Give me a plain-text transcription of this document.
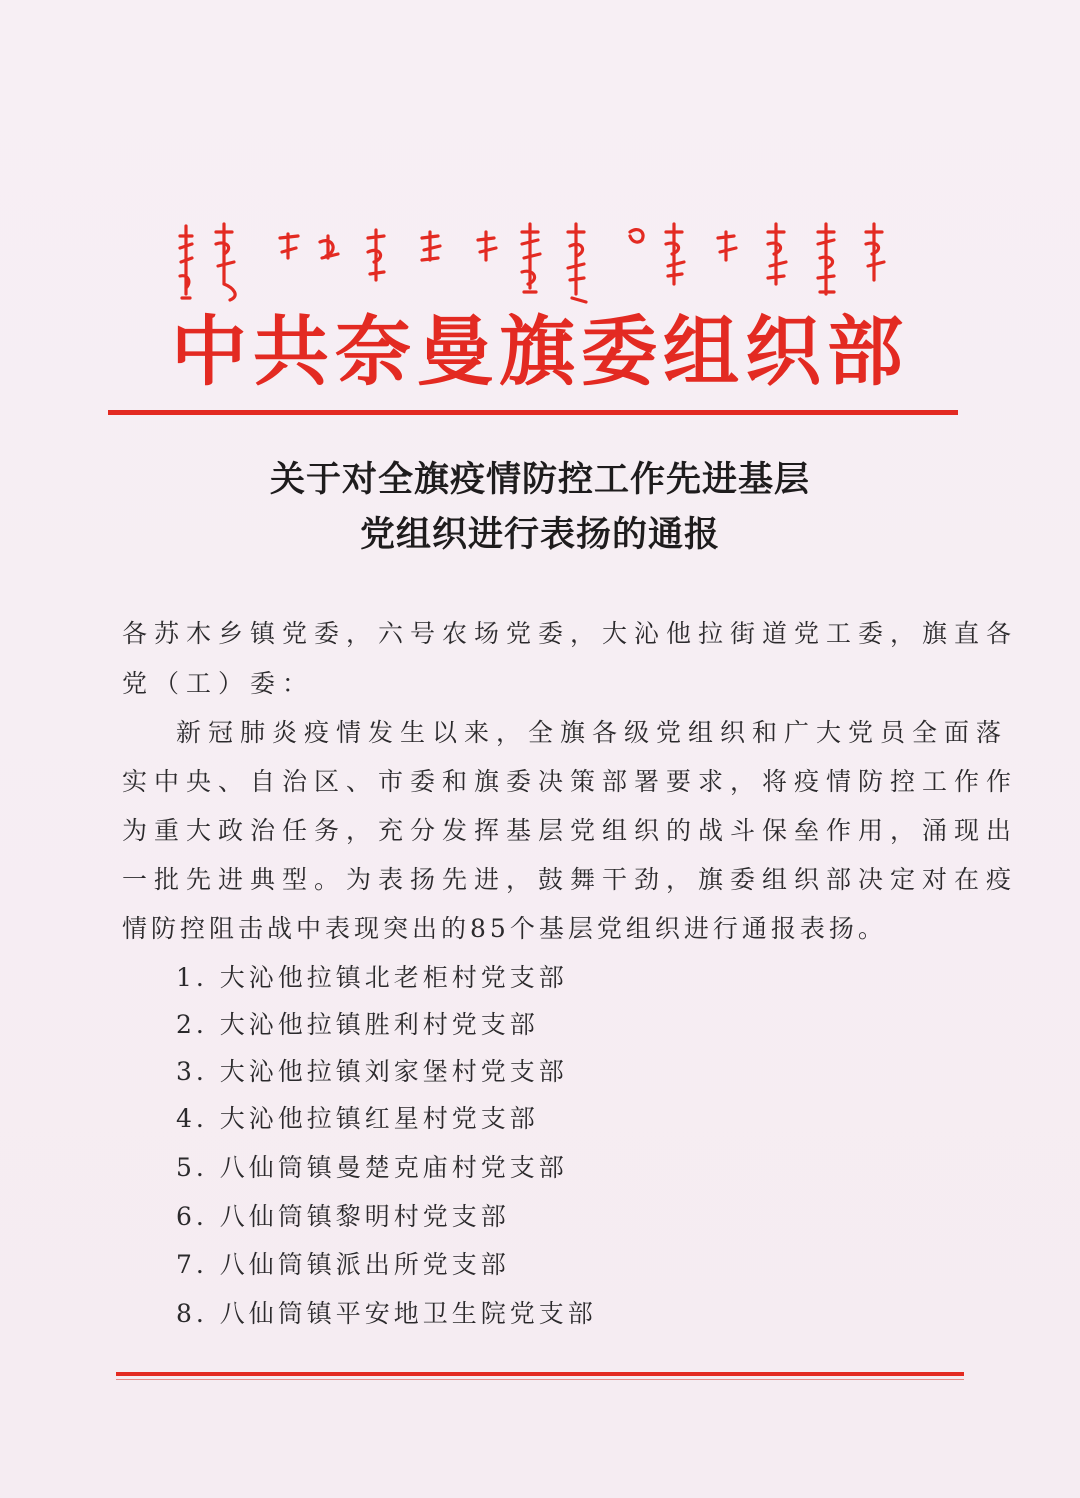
中共奈曼旗委组织部
关于对全旗疫情防控工作先进基层
党组织进行表扬的通报
各苏木乡镇党委，六号农场党委，大沁他拉街道党工委，旗直各
党（工）委：
新冠肺炎疫情发生以来，全旗各级党组织和广大党员全面落
实中央、自治区、市委和旗委决策部署要求，将疫情防控工作作
为重大政治任务，充分发挥基层党组织的战斗保垒作用，涌现出
一批先进典型。为表扬先进，鼓舞干劲，旗委组织部决定对在疫
情防控阻击战中表现突出的85个基层党组织进行通报表扬。
1. 大沁他拉镇北老柜村党支部
2. 大沁他拉镇胜利村党支部
3. 大沁他拉镇刘家堡村党支部
4. 大沁他拉镇红星村党支部
5. 八仙筒镇曼楚克庙村党支部
6. 八仙筒镇黎明村党支部
7. 八仙筒镇派出所党支部
8. 八仙筒镇平安地卫生院党支部
